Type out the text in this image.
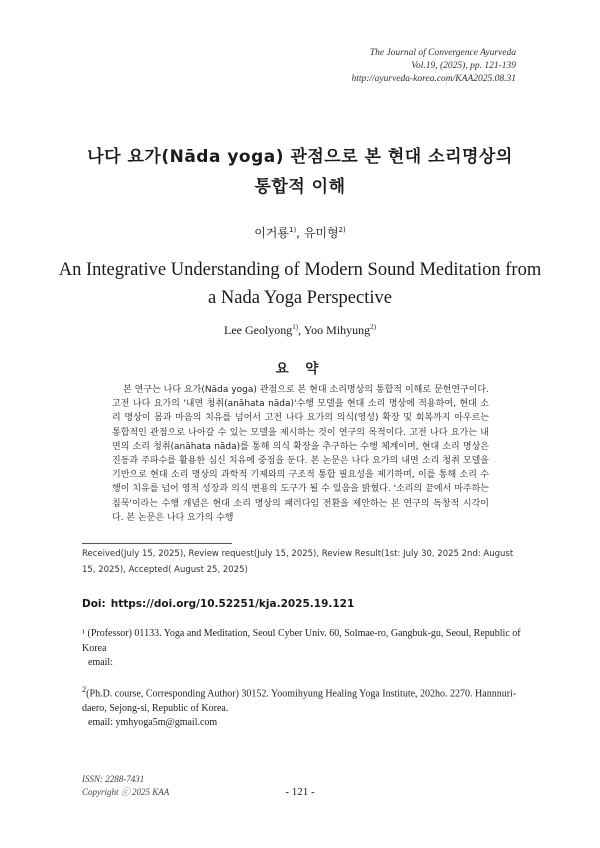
The Journal of Convergence Ayurveda
Vol.19, (2025), pp. 121-139
http://ayurveda-korea.com/KAA2025.08.31
나다 요가(Nāda yoga) 관점으로 본 현대 소리명상의
통합적 이해
이거룡$^{1)}$, 유미형$^{2)}$
An Integrative Understanding of Modern Sound Meditation from
a Nada Yoga Perspective
Lee Geolyong$^{1)}$, Yoo Mihyung$^{2)}$
요 약
본 연구는 나다 요가(Nāda yoga) 관점으로 본 현대 소리명상의 통합적 이해로 문헌연구이다. 고전 나다 요가의 '내면 청취(anāhata nāda)'수행 모델을 현대 소리 명상에 적용하여, 현대 소리 명상이 몸과 마음의 치유를 넘어서 고전 나다 요가의 의식(영성) 확장 및 회복까지 아우르는 통합적인 관점으로 나아갈 수 있는 모델을 제시하는 것이 연구의 목적이다. 고전 나다 요가는 내면의 소리 청취(anāhata nāda)를 통해 의식 확장을 추구하는 수행 체계이며, 현대 소리 명상은 진동과 주파수를 활용한 심신 치유에 중점을 둔다. 본 논문은 나다 요가의 내면 소리 청취 모델을 기반으로 현대 소리 명상의 과학적 기제와의 구조적 통합 필요성을 제기하며, 이를 통해 소리 수행이 치유를 넘어 영적 성장과 의식 변용의 도구가 될 수 있음을 밝혔다. '소리의 끝에서 마주하는 침묵'이라는 수행 개념은 현대 소리 명상의 패러다임 전환을 제안하는 본 연구의 독창적 시각이다. 본 논문은 나다 요가의 수행
Received(July 15, 2025), Review request(July 15, 2025), Review Result(1st: July 30, 2025 2nd: August 15, 2025), Accepted( August 25, 2025)
Doi: https://doi.org/10.52251/kja.2025.19.121
¹ (Professor) 01133. Yoga and Meditation, Seoul Cyber Univ. 60, Solmae-ro, Gangbuk-gu, Seoul, Republic of Korea
email:
$^2$(Ph.D. course, Corresponding Author) 30152. Yoomihyung Healing Yoga Institute, 202ho. 2270. Hannnuri-daero, Sejong-si, Republic of Korea.
email: ymhyoga5m@gmail.com
ISSN: 2288-7431
Copyright ⓒ 2025 KAA	- 121 -
